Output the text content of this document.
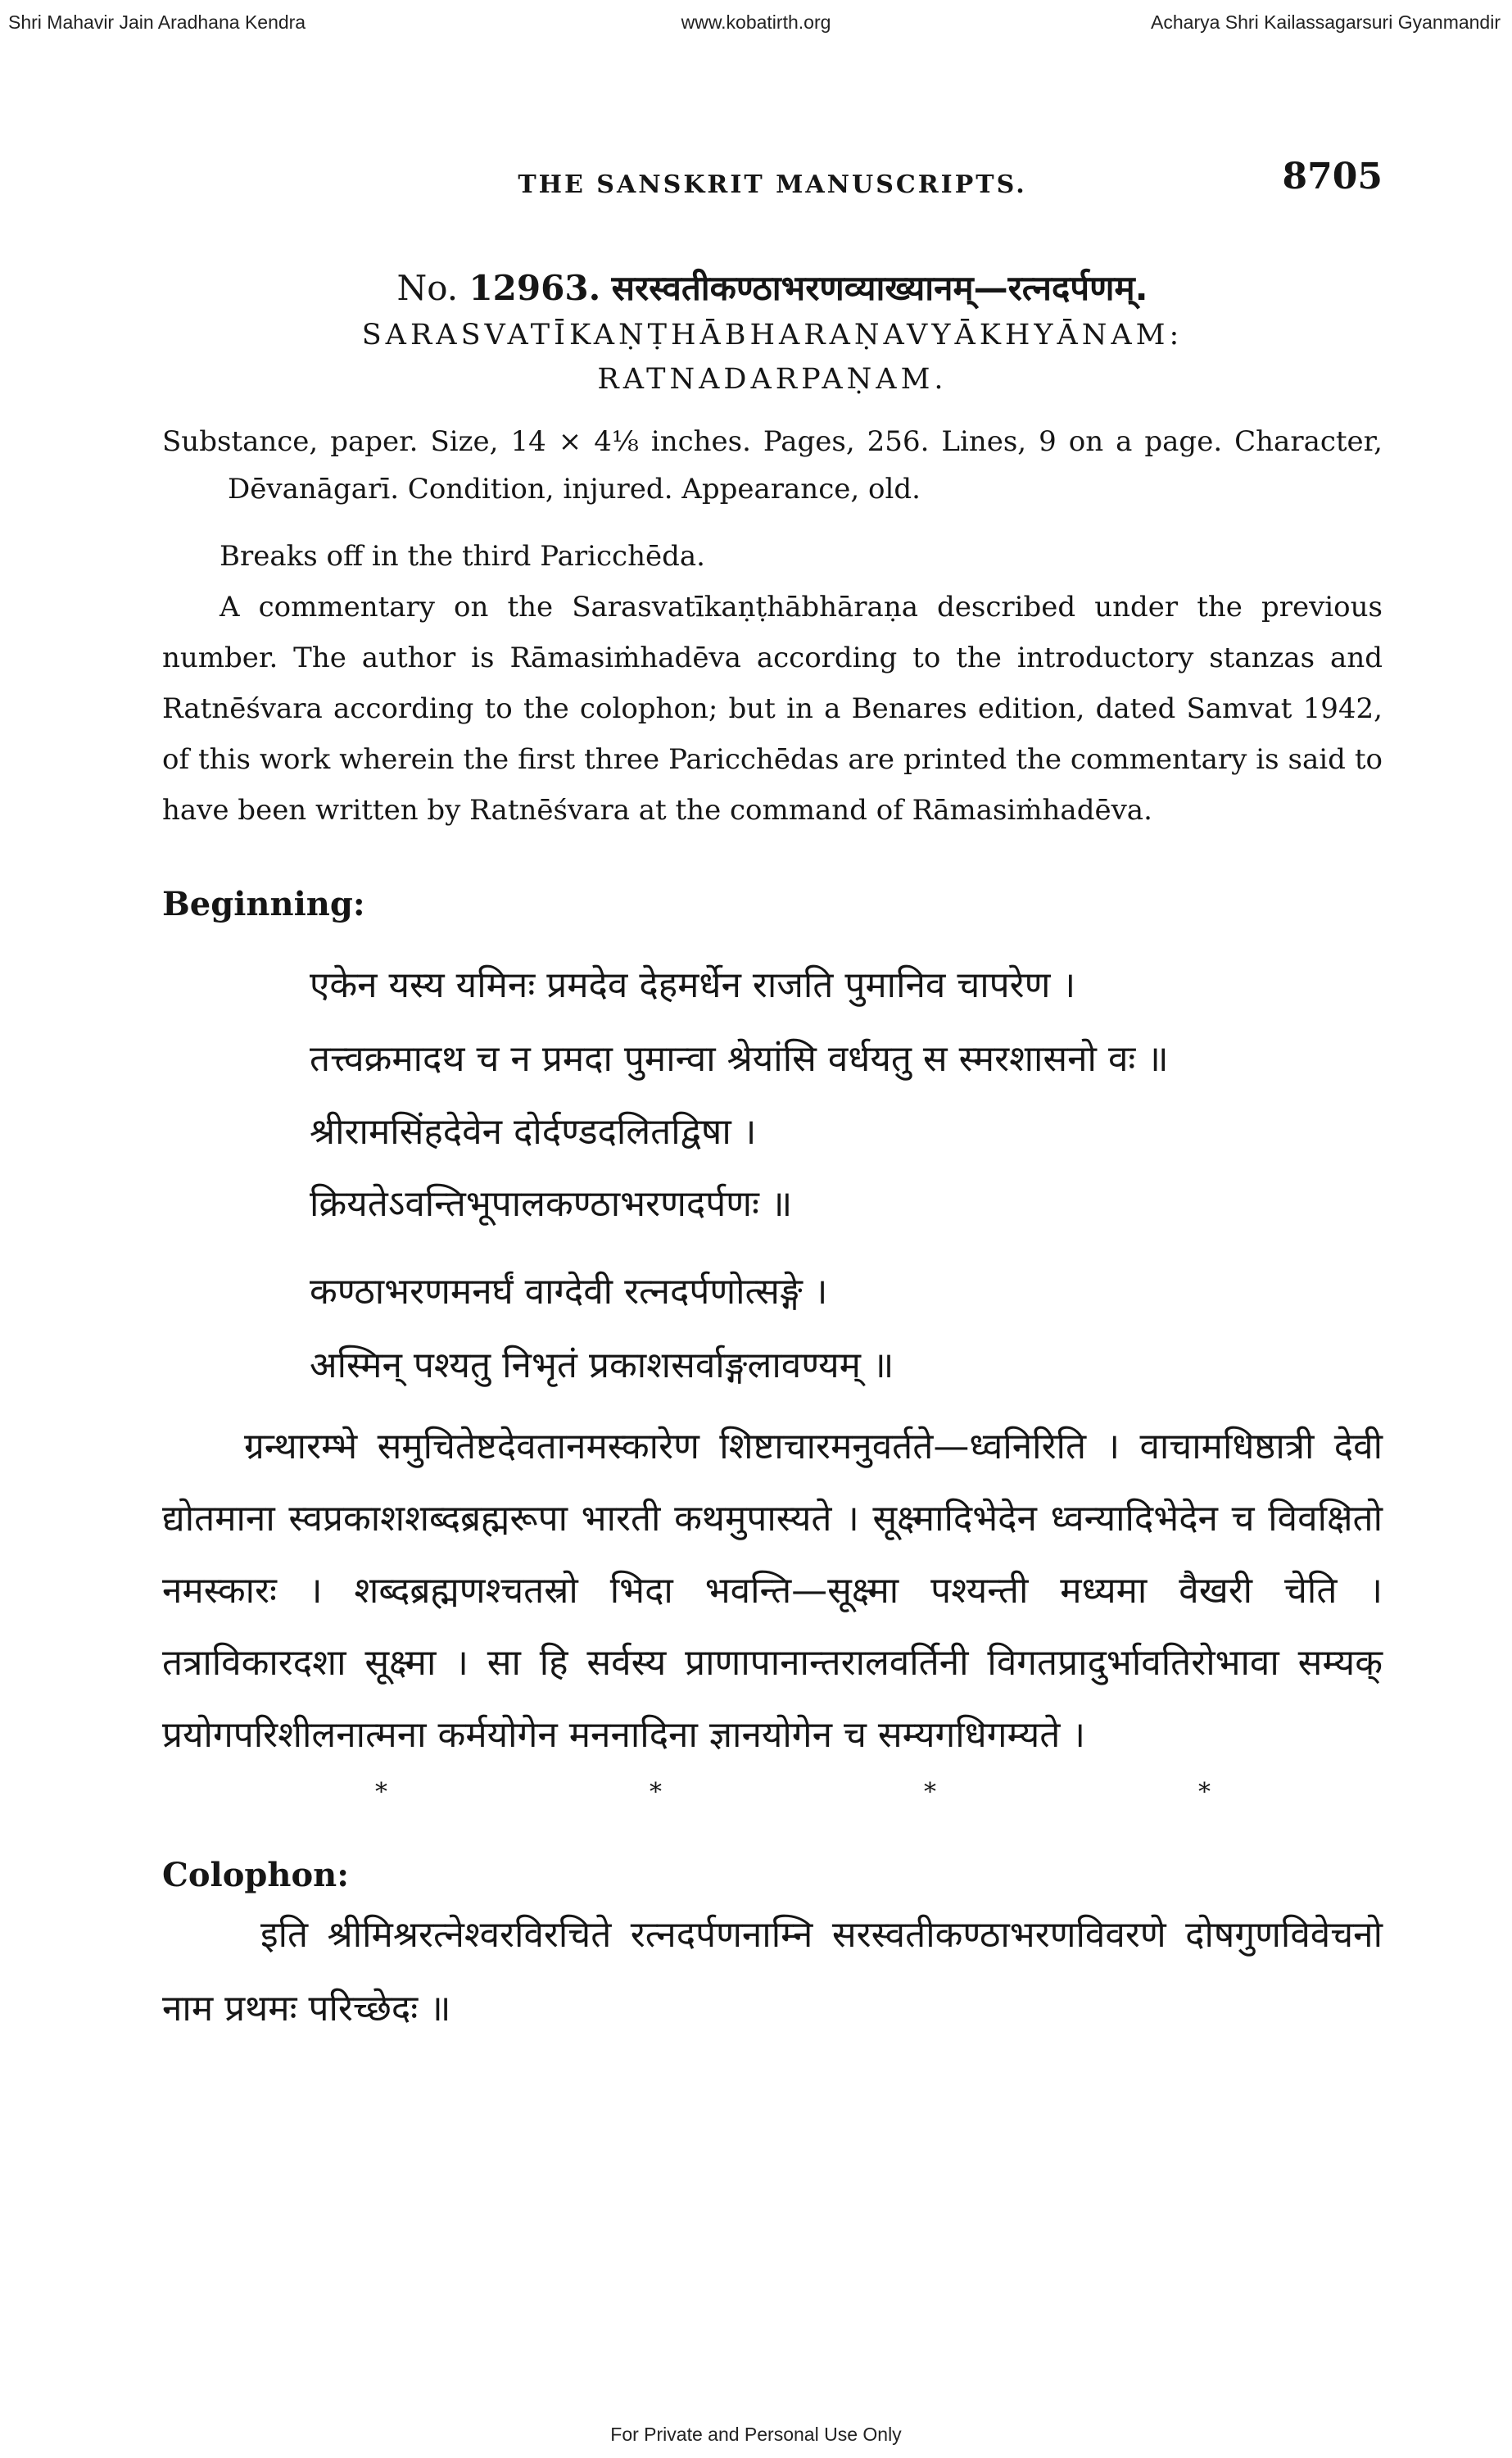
Shri Mahavir Jain Aradhana Kendra	www.kobatirth.org	Acharya Shri Kailassagarsuri Gyanmandir
THE SANSKRIT MANUSCRIPTS.	8705
No. 12963. सरस्वतीकण्ठाभरणव्याख्यानम्—रत्नदर्पणम्.
SARASVATĪKAṆṬHĀBHARAṆAVYĀKHYĀNAM:
RATNADARPAṆAM.
Substance, paper. Size, 14 × 4⅛ inches. Pages, 256. Lines, 9 on a page. Character, Dēvanāgarī. Condition, injured. Appearance, old.

Breaks off in the third Paricchēda.

A commentary on the Sarasvatīkaṇṭhābhāraṇa described under the previous number. The author is Rāmasiṁhadēva according to the introductory stanzas and Ratnēśvara according to the colophon; but in a Benares edition, dated Samvat 1942, of this work wherein the first three Paricchēdas are printed the commentary is said to have been written by Ratnēśvara at the command of Rāmasiṁhadēva.

Beginning:

एकेन यस्य यमिनः प्रमदेव देहमर्धेन राजति पुमानिव चापरेण ।

तत्त्वक्रमादथ च न प्रमदा पुमान्वा श्रेयांसि वर्धयतु स स्मरशासनो वः ॥

श्रीरामसिंहदेवेन दोर्दण्डदलितद्विषा ।

क्रियतेऽवन्तिभूपालकण्ठाभरणदर्पणः ॥

कण्ठाभरणमनर्घं वाग्देवी रत्नदर्पणोत्सङ्गे ।

अस्मिन् पश्यतु निभृतं प्रकाशसर्वाङ्गलावण्यम् ॥

ग्रन्थारम्भे समुचितेष्टदेवतानमस्कारेण शिष्टाचारमनुवर्तते—ध्वनिरिति । वाचामधिष्ठात्री देवी द्योतमाना स्वप्रकाशशब्दब्रह्मरूपा भारती कथमुपास्यते । सूक्ष्मादिभेदेन ध्वन्यादिभेदेन च विवक्षितो नमस्कारः । शब्दब्रह्मणश्चतस्रो भिदा भवन्ति—सूक्ष्मा पश्यन्ती मध्यमा वैखरी चेति । तत्राविकारदशा सूक्ष्मा । सा हि सर्वस्य प्राणापानान्तरालवर्तिनी विगतप्रादुर्भावतिरोभावा सम्यक् प्रयोगपरिशीलनात्मना कर्मयोगेन मननादिना ज्ञानयोगेन च सम्यगधिगम्यते ।

*	*	*	*
Colophon:

इति श्रीमिश्ररत्नेश्वरविरचिते रत्नदर्पणनाम्नि सरस्वतीकण्ठाभरणविवरणे दोषगुणविवेचनो नाम प्रथमः परिच्छेदः ॥

For Private and Personal Use Only
